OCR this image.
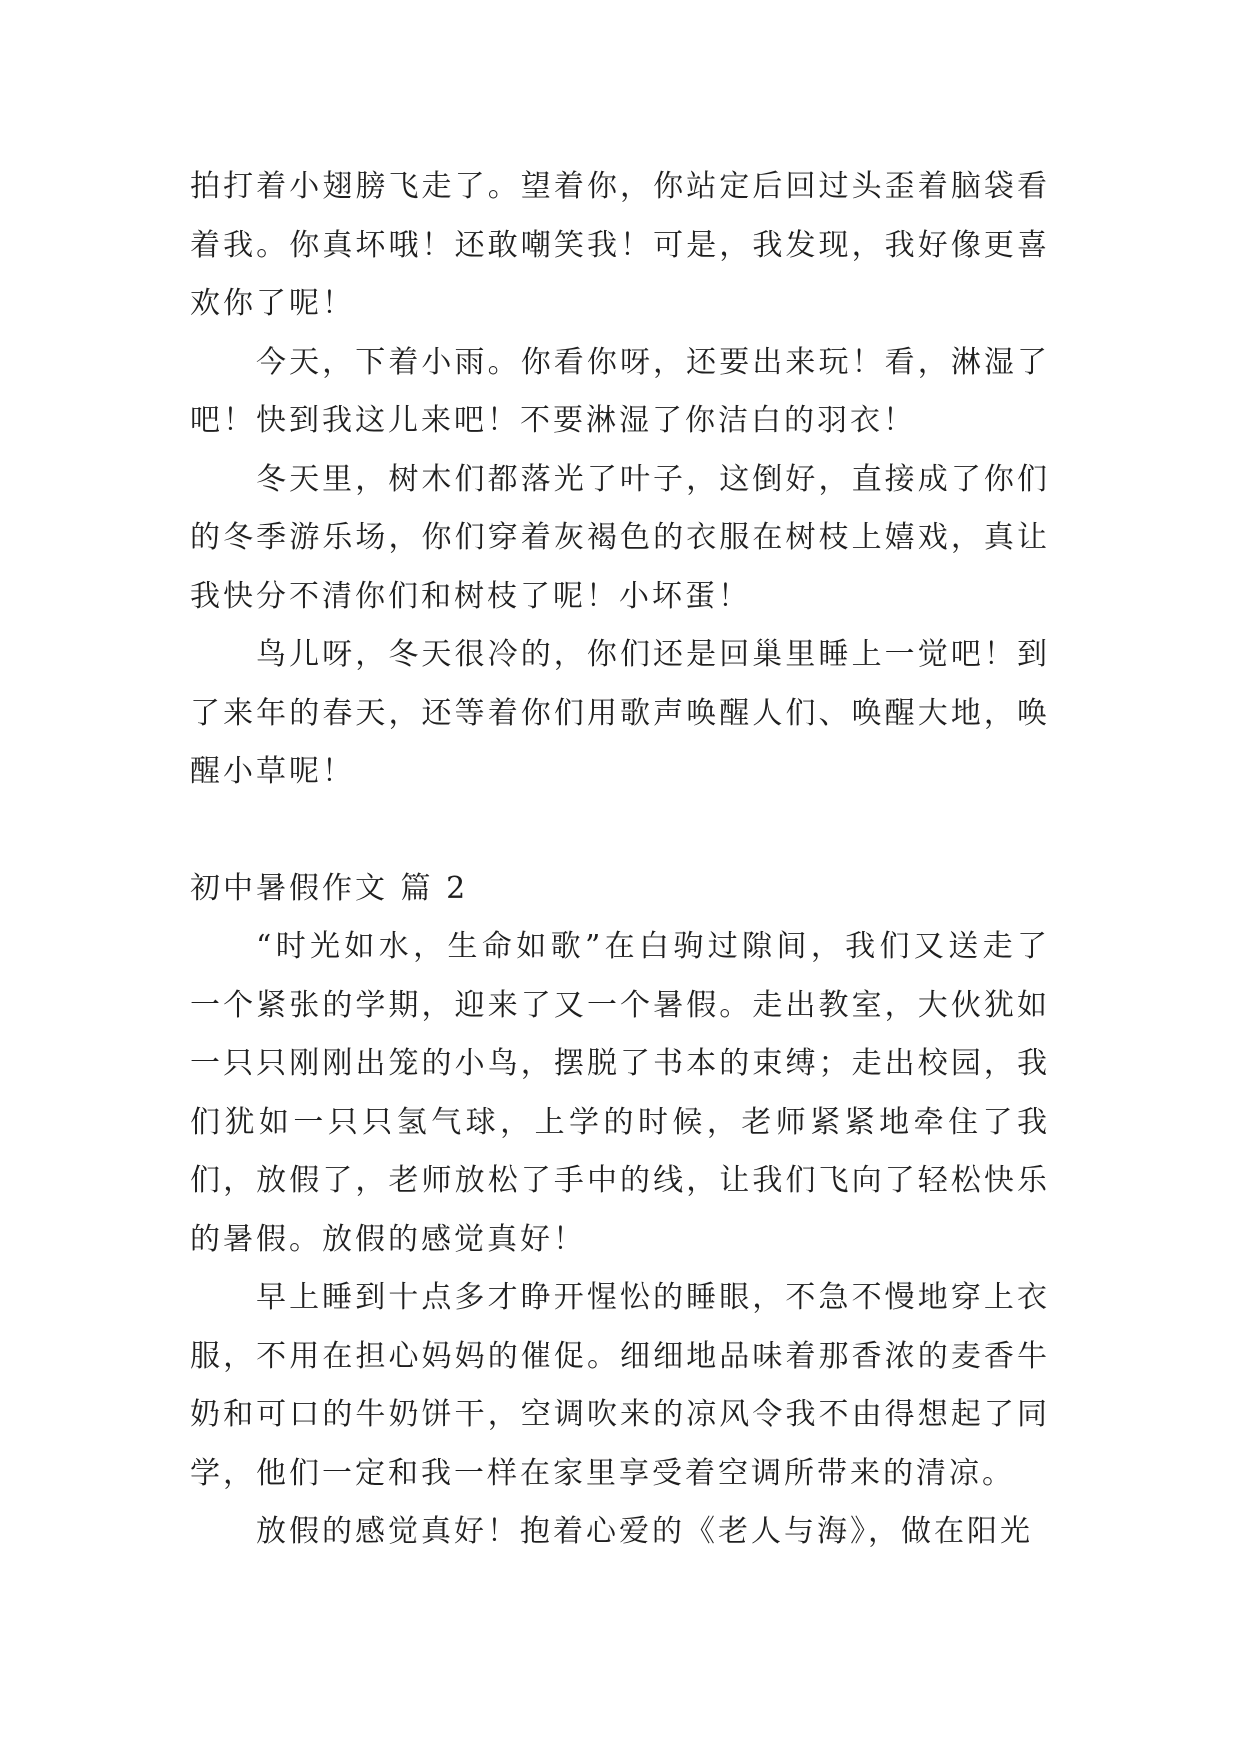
拍打着小翅膀飞走了。望着你，你站定后回过头歪着脑袋看着我。你真坏哦！还敢嘲笑我！可是，我发现，我好像更喜欢你了呢！

今天，下着小雨。你看你呀，还要出来玩！看，淋湿了吧！快到我这儿来吧！不要淋湿了你洁白的羽衣！

冬天里，树木们都落光了叶子，这倒好，直接成了你们的冬季游乐场，你们穿着灰褐色的衣服在树枝上嬉戏，真让我快分不清你们和树枝了呢！小坏蛋！

鸟儿呀，冬天很冷的，你们还是回巢里睡上一觉吧！到了来年的春天，还等着你们用歌声唤醒人们、唤醒大地，唤醒小草呢！

初中暑假作文 篇 2

“时光如水，生命如歌”在白驹过隙间，我们又送走了一个紧张的学期，迎来了又一个暑假。走出教室，大伙犹如一只只刚刚出笼的小鸟，摆脱了书本的束缚；走出校园，我们犹如一只只氢气球，上学的时候，老师紧紧地牵住了我们，放假了，老师放松了手中的线，让我们飞向了轻松快乐的暑假。放假的感觉真好！

早上睡到十点多才睁开惺忪的睡眼，不急不慢地穿上衣服，不用在担心妈妈的催促。细细地品味着那香浓的麦香牛奶和可口的牛奶饼干，空调吹来的凉风令我不由得想起了同学，他们一定和我一样在家里享受着空调所带来的清凉。

放假的感觉真好！抱着心爱的《老人与海》，做在阳光
